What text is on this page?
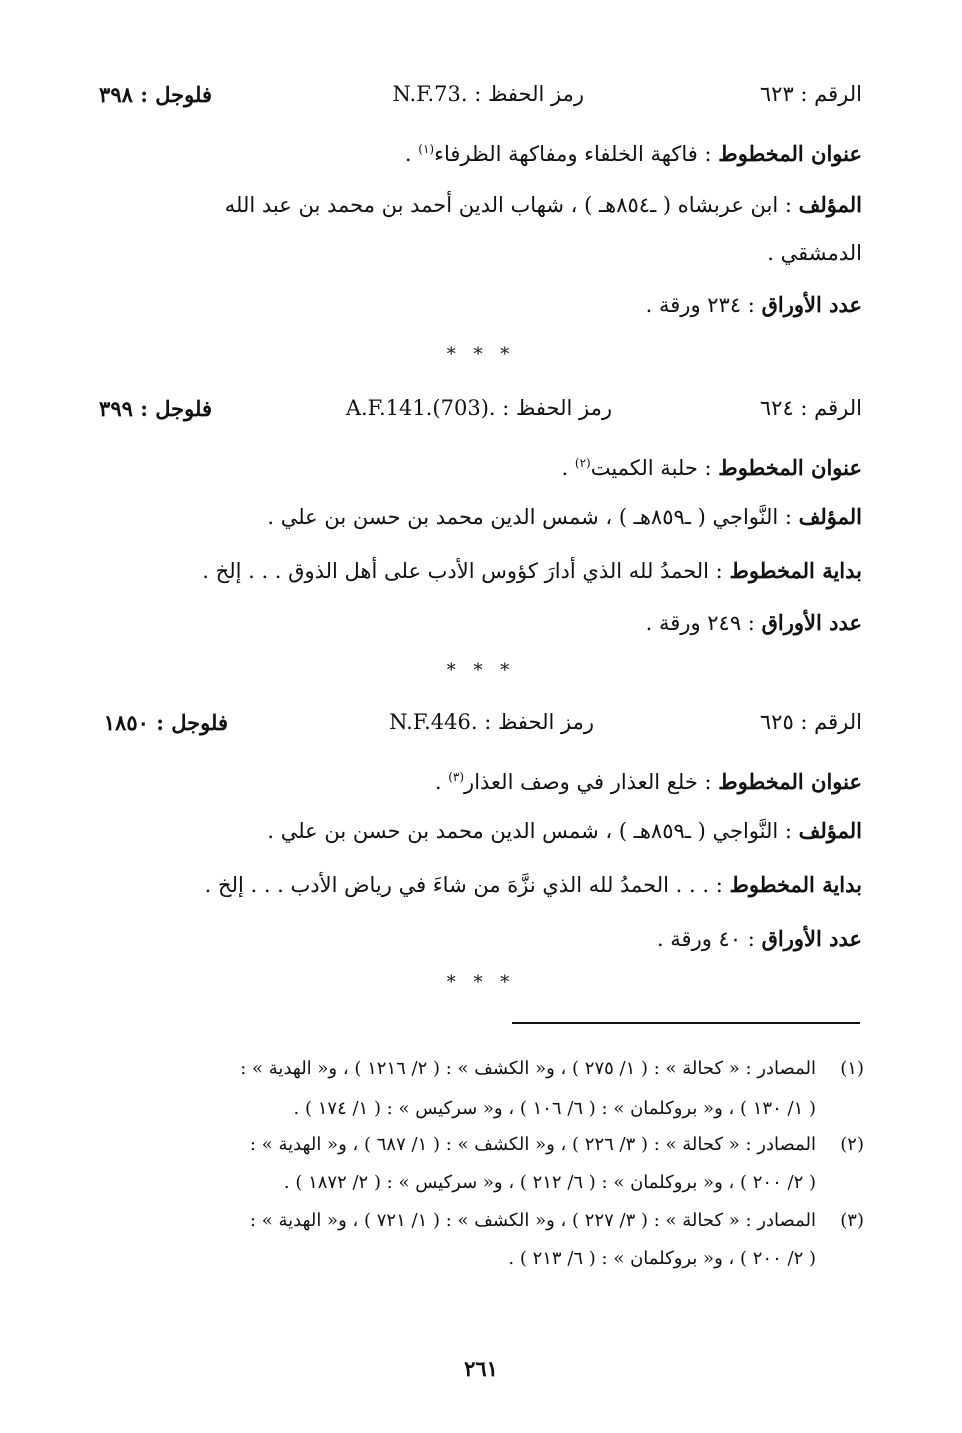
الرقم : ٦٢٣
رمز الحفظ : .N.F.73
فلوجل : ٣٩٨
عنوان المخطوط : فاكهة الخلفاء ومفاكهة الظرفاء$^{(١)}$ .
المؤلف : ابن عربشاه ( ـ٨٥٤هـ ) ، شهاب الدين أحمد بن محمد بن عبد الله
الدمشقي .
عدد الأوراق : ٢٣٤ ورقة .
* * *
الرقم : ٦٢٤
رمز الحفظ : .A.F.141.(703)
فلوجل : ٣٩٩
عنوان المخطوط : حلبة الكميت$^{(٢)}$ .
المؤلف : النَّواجي ( ـ٨٥٩هـ ) ، شمس الدين محمد بن حسن بن علي .
بداية المخطوط : الحمدُ لله الذي أدارَ كؤوس الأدب على أهل الذوق . . . إلخ .
عدد الأوراق : ٢٤٩ ورقة .
* * *
الرقم : ٦٢٥
رمز الحفظ : .N.F.446
فلوجل : ١٨٥٠
عنوان المخطوط : خلع العذار في وصف العذار$^{(٣)}$ .
المؤلف : النَّواجي ( ـ٨٥٩هـ ) ، شمس الدين محمد بن حسن بن علي .
بداية المخطوط : . . . الحمدُ لله الذي نزَّهَ من شاءَ في رياض الأدب . . . إلخ .
عدد الأوراق : ٤٠ ورقة .
* * *
(١)المصادر : « كحالة » : ( ١/ ٢٧٥ ) ، و« الكشف » : ( ٢/ ١٢١٦ ) ، و« الهدية » :
( ١/ ١٣٠ ) ، و« بروكلمان » : ( ٦/ ١٠٦ ) ، و« سركيس » : ( ١/ ١٧٤ ) .
(٢)المصادر : « كحالة » : ( ٣/ ٢٢٦ ) ، و« الكشف » : ( ١/ ٦٨٧ ) ، و« الهدية » :
( ٢/ ٢٠٠ ) ، و« بروكلمان » : ( ٦/ ٢١٢ ) ، و« سركيس » : ( ٢/ ١٨٧٢ ) .
(٣)المصادر : « كحالة » : ( ٣/ ٢٢٧ ) ، و« الكشف » : ( ١/ ٧٢١ ) ، و« الهدية » :
( ٢/ ٢٠٠ ) ، و« بروكلمان » : ( ٦/ ٢١٣ ) .
٢٦١
